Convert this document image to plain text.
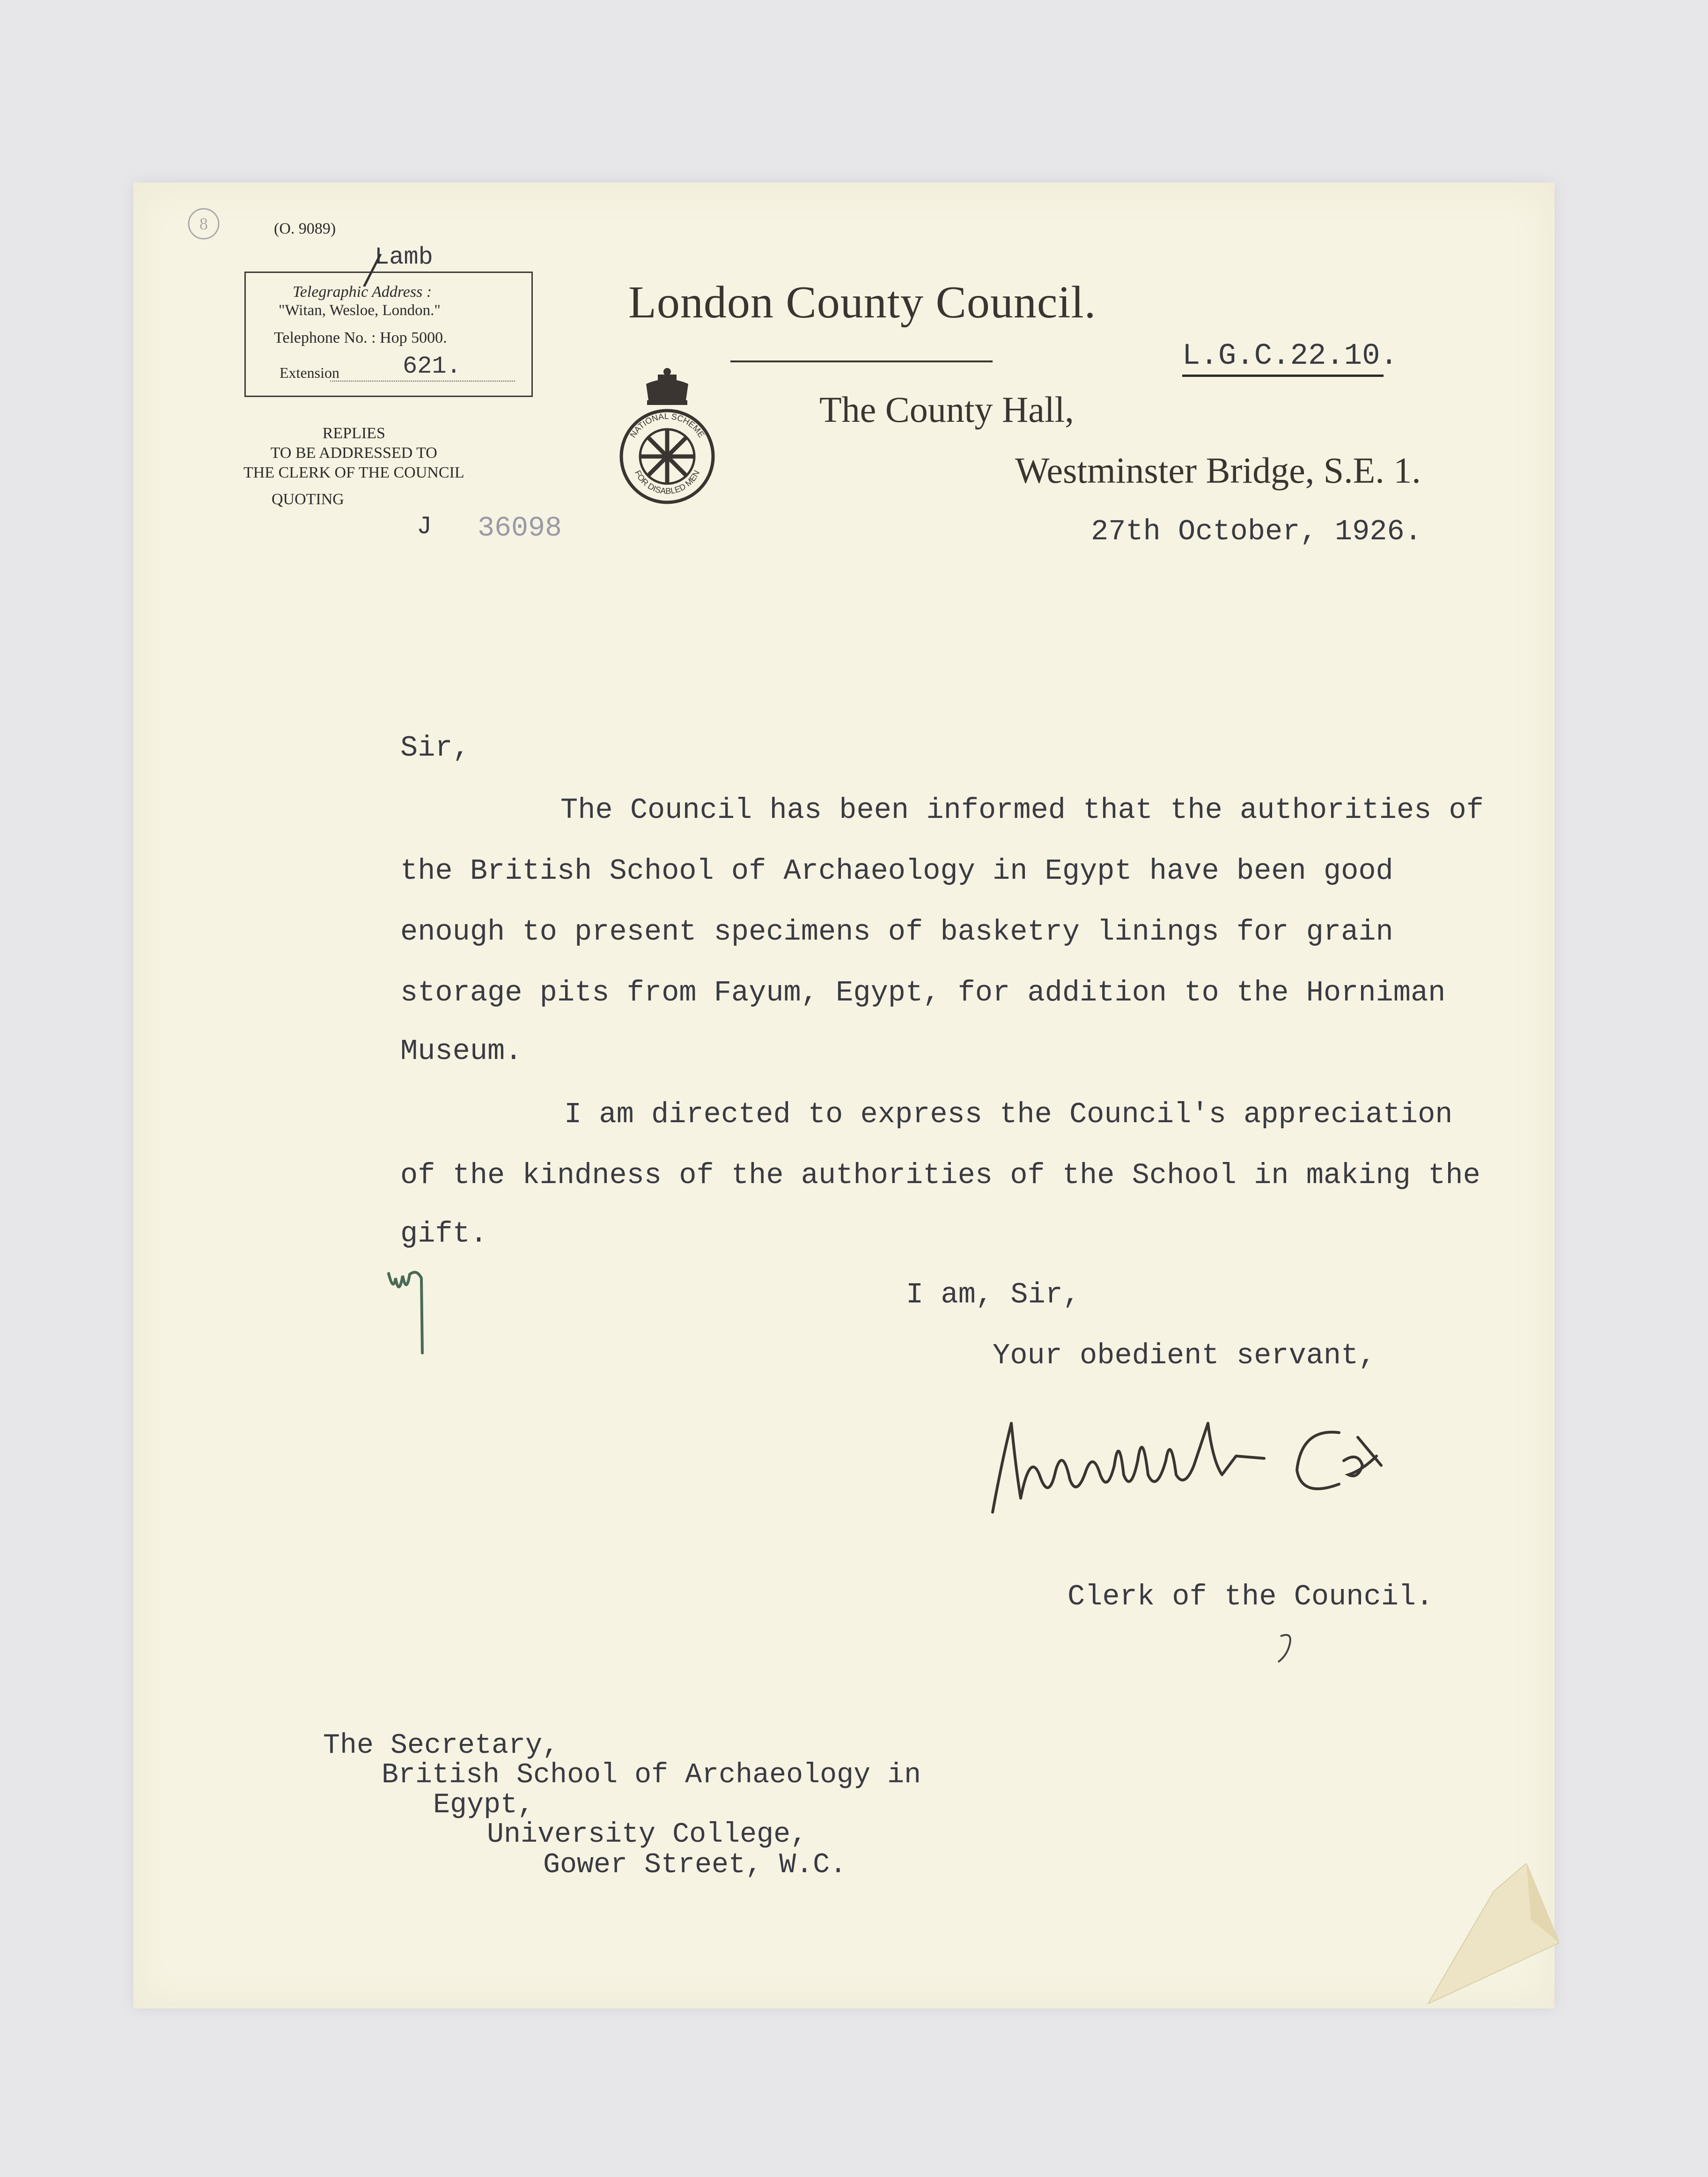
8	(O. 9089)
Lamb
/
Telegraphic Address :
"Witan, Wesloe, London."
Telephone No. : Hop 5000.
Extension	621.
REPLIES
TO BE ADDRESSED TO
THE CLERK OF THE COUNCIL
QUOTING
J 36098
London County Council.
NATIONAL SCHEME
FOR DISABLED MEN
L.G.C.22.10.
The County Hall,
Westminster Bridge, S.E. 1.
27th October, 1926.
Sir,
The Council has been informed that the authorities of
the British School of Archaeology in Egypt have been good
enough to present specimens of basketry linings for grain
storage pits from Fayum, Egypt, for addition to the Horniman
Museum.
I am directed to express the Council's appreciation
of the kindness of the authorities of the School in making the
gift.
I am, Sir,
Your obedient servant,
Clerk of the Council.
The Secretary,
British School of Archaeology in
Egypt,
University College,
Gower Street, W.C.
